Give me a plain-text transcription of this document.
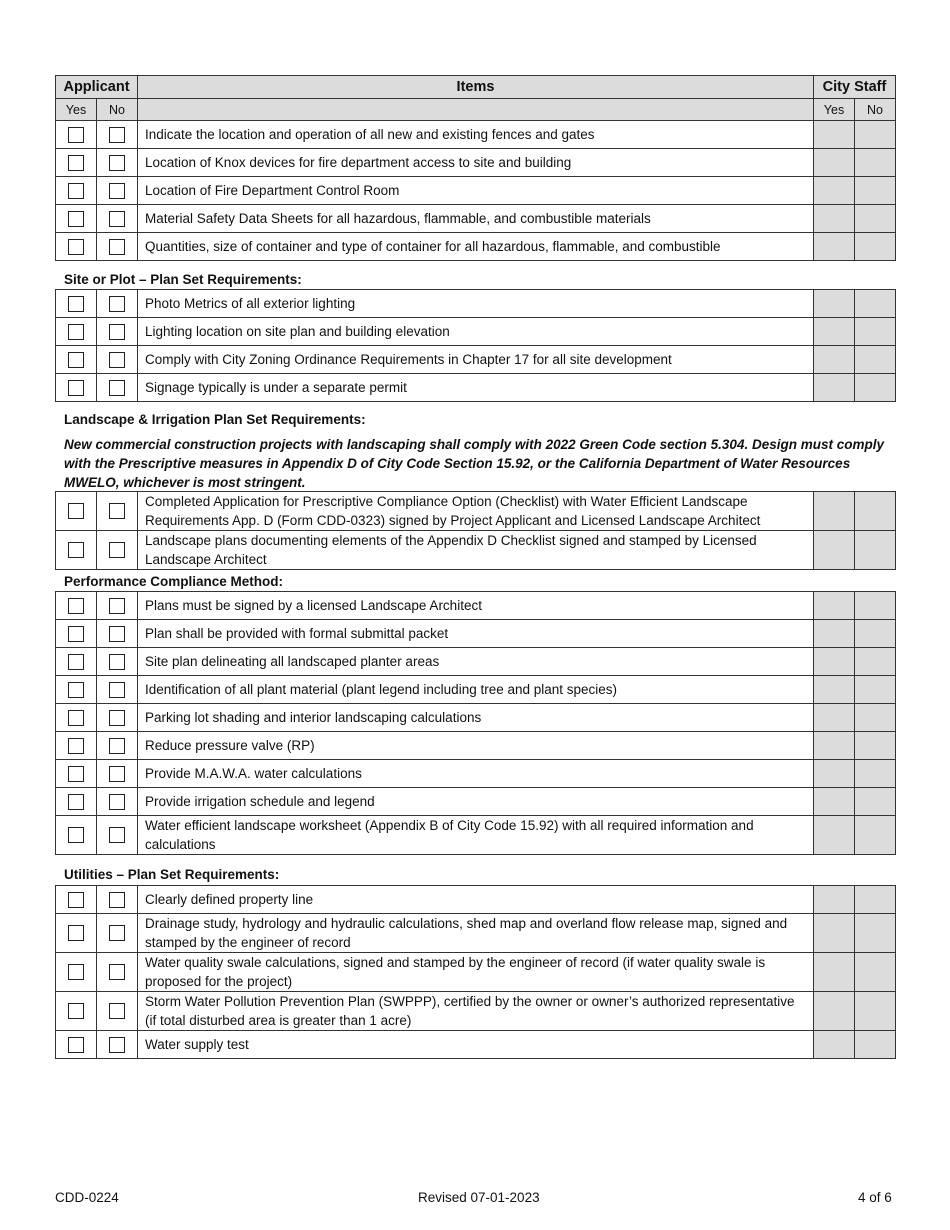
Applicant		Items	City Staff	
Yes	No		Yes	No
		Indicate the location and operation of all new and existing fences and gates		
		Location of Knox devices for fire department access to site and building		
		Location of Fire Department Control Room		
		Material Safety Data Sheets for all hazardous, flammable, and combustible materials		
		Quantities, size of container and type of container for all hazardous, flammable, and combustible		
Site or Plot – Plan Set Requirements:
		Photo Metrics of all exterior lighting		
		Lighting location on site plan and building elevation		
		Comply with City Zoning Ordinance Requirements in Chapter 17 for all site development		
		Signage typically is under a separate permit		
Landscape & Irrigation Plan Set Requirements:
New commercial construction projects with landscaping shall comply with 2022 Green Code section 5.304. Design must comply with the Prescriptive measures in Appendix D of City Code Section 15.92, or the California Department of Water Resources MWELO, whichever is most stringent.
		Completed Application for Prescriptive Compliance Option (Checklist) with Water Efficient Landscape Requirements App. D (Form CDD-0323) signed by Project Applicant and Licensed Landscape Architect		
		Landscape plans documenting elements of the Appendix D Checklist signed and stamped by Licensed Landscape Architect		
Performance Compliance Method:
		Plans must be signed by a licensed Landscape Architect		
		Plan shall be provided with formal submittal packet		
		Site plan delineating all landscaped planter areas		
		Identification of all plant material (plant legend including tree and plant species)		
		Parking lot shading and interior landscaping calculations		
		Reduce pressure valve (RP)		
		Provide M.A.W.A. water calculations		
		Provide irrigation schedule and legend		
		Water efficient landscape worksheet (Appendix B of City Code 15.92) with all required information and calculations		
Utilities – Plan Set Requirements:
		Clearly defined property line		
		Drainage study, hydrology and hydraulic calculations, shed map and overland flow release map, signed and stamped by the engineer of record		
		Water quality swale calculations, signed and stamped by the engineer of record (if water quality swale is proposed for the project)		
		Storm Water Pollution Prevention Plan (SWPPP), certified by the owner or owner’s authorized representative (if total disturbed area is greater than 1 acre)		
		Water supply test		
CDD-0224	Revised 07-01-2023	4 of 6
